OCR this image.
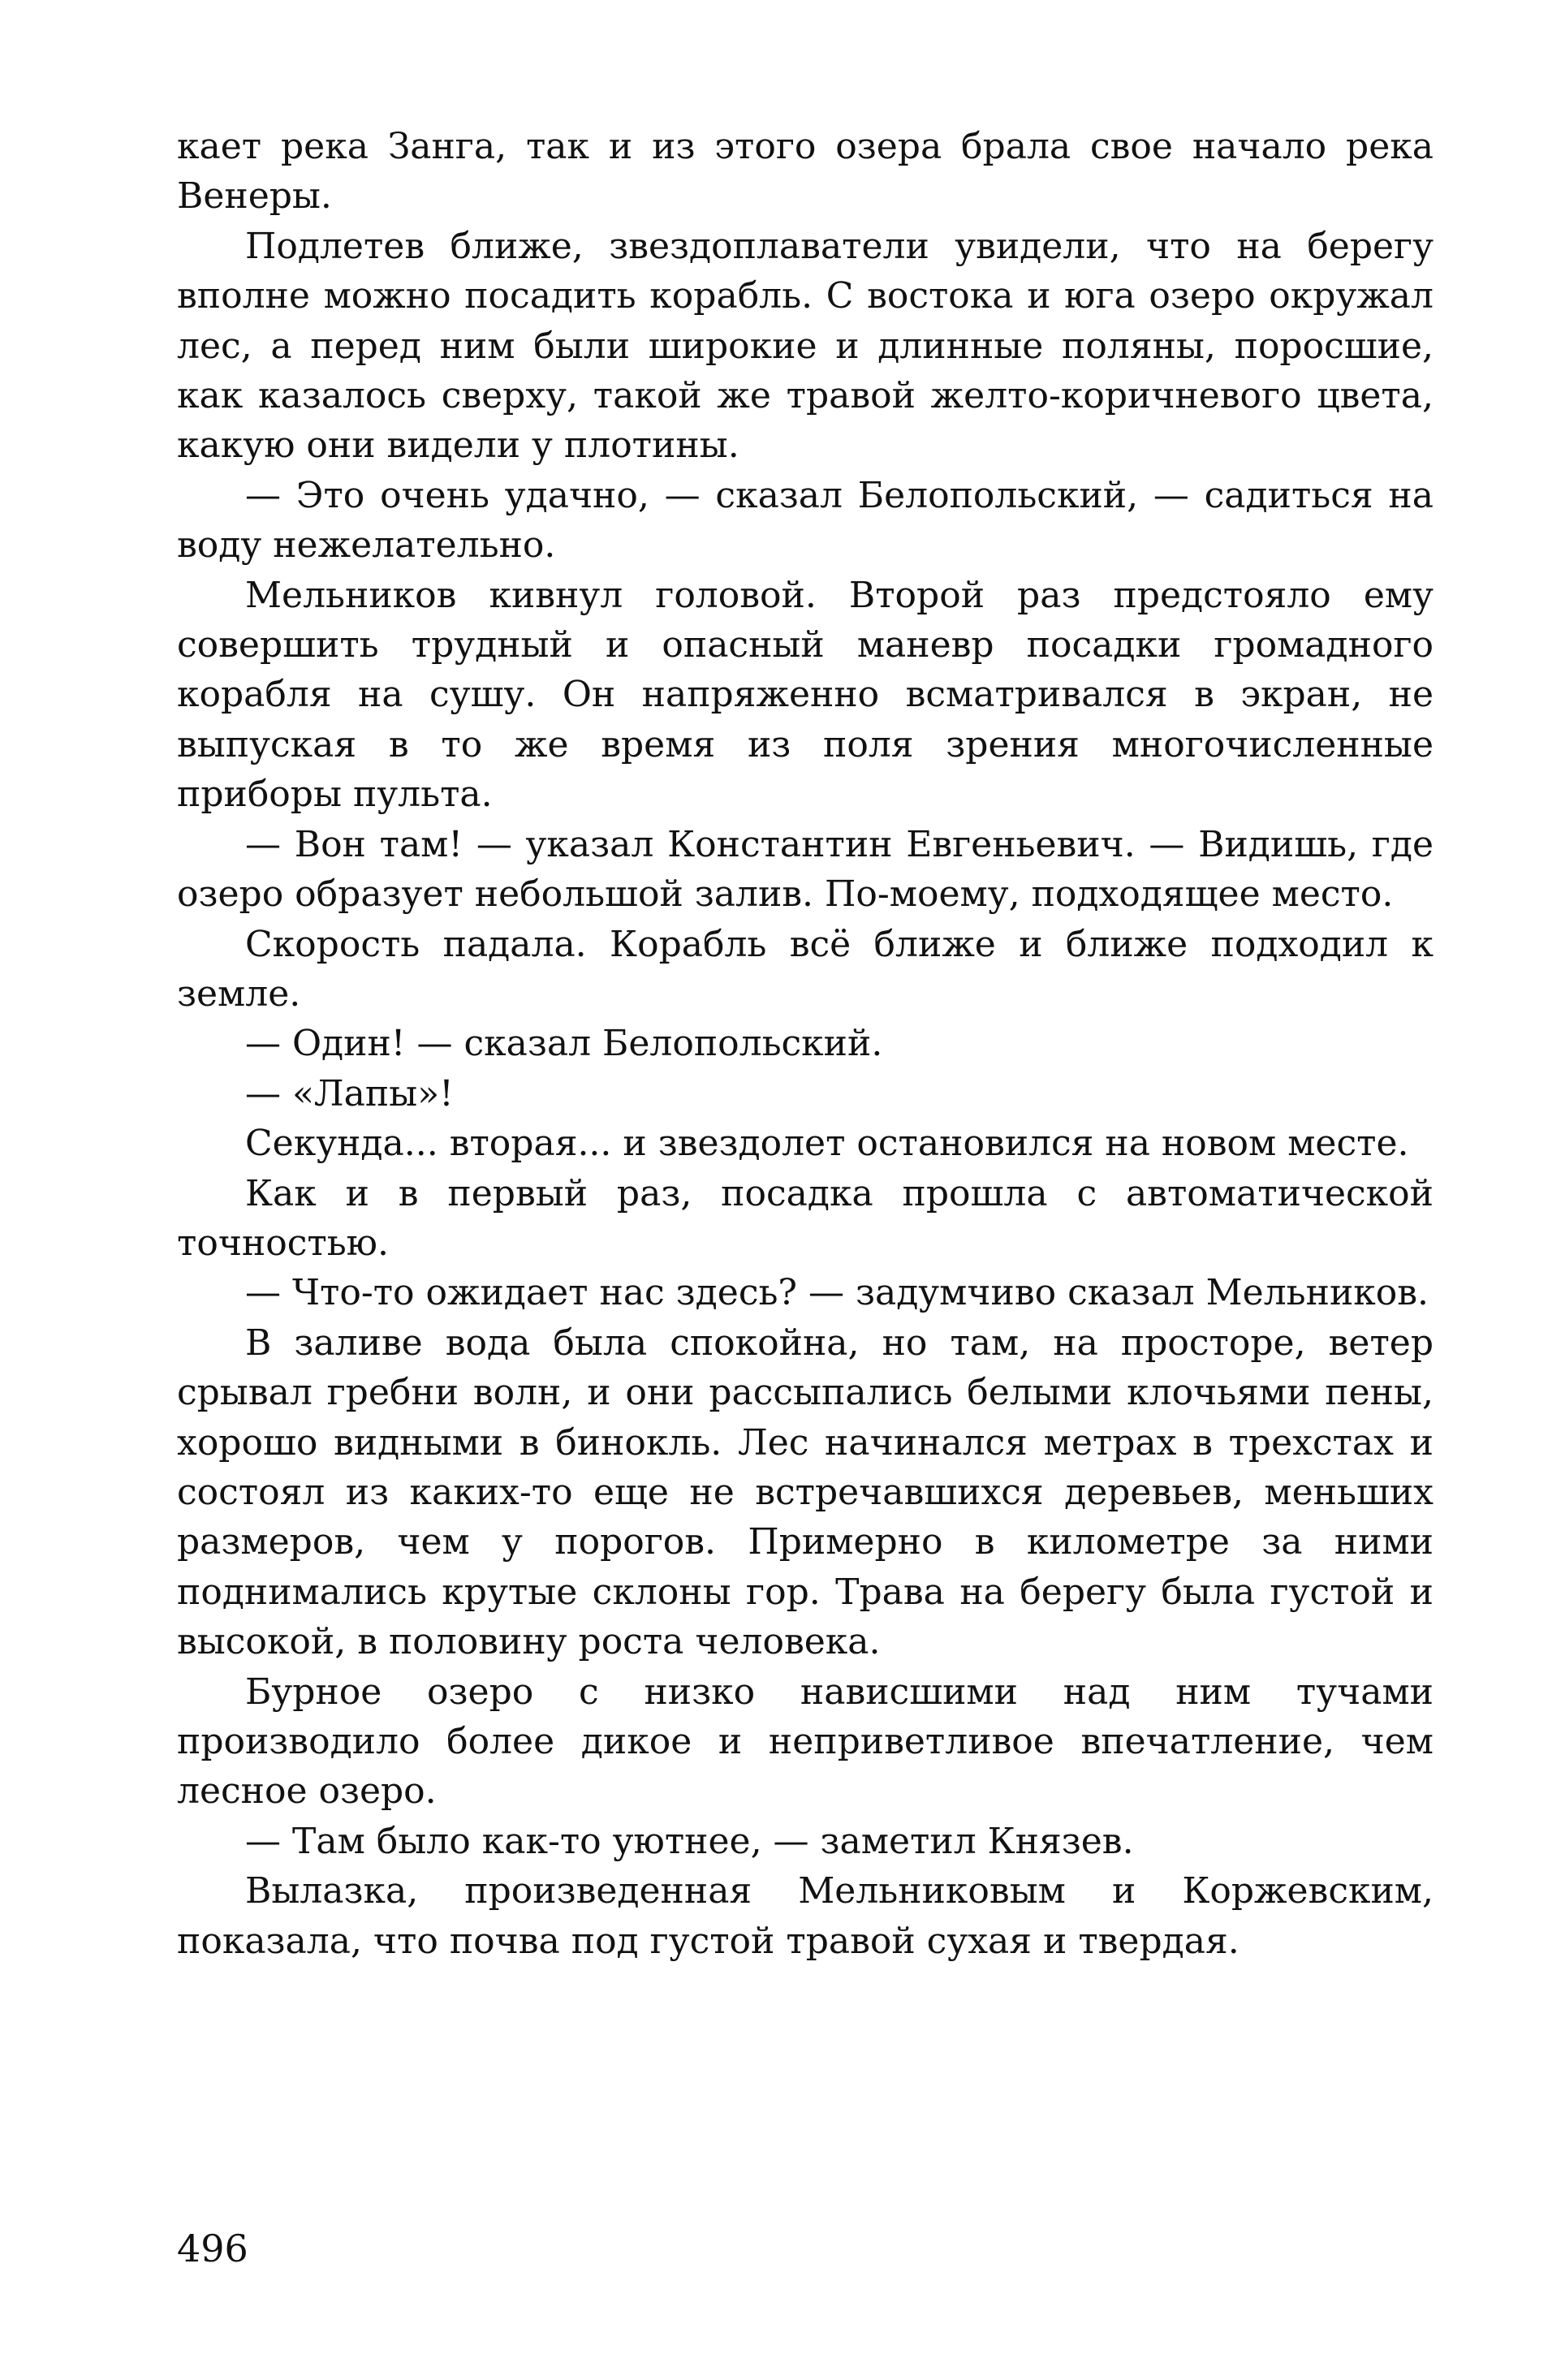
кает река Занга, так и из этого озера брала свое начало река Венеры.

Подлетев ближе, звездоплаватели увидели, что на берегу вполне можно посадить корабль. С востока и юга озеро окружал лес, а перед ним были широкие и длинные поляны, поросшие, как казалось сверху, такой же травой желто-коричневого цвета, какую они видели у плотины.

— Это очень удачно, — сказал Белопольский, — садиться на воду нежелательно.

Мельников кивнул головой. Второй раз предстояло ему совершить трудный и опасный маневр посадки громадного корабля на сушу. Он напряженно всматривался в экран, не выпуская в то же время из поля зрения многочисленные приборы пульта.

— Вон там! — указал Константин Евгеньевич. — Видишь, где озеро образует небольшой залив. По-моему, подходящее место.

Скорость падала. Корабль всё ближе и ближе подходил к земле.

— Один! — сказал Белопольский.

— «Лапы»!

Секунда... вторая... и звездолет остановился на новом месте.

Как и в первый раз, посадка прошла с автоматической точностью.

— Что-то ожидает нас здесь? — задумчиво сказал Мельников.

В заливе вода была спокойна, но там, на просторе, ветер срывал гребни волн, и они рассыпались белыми клочьями пены, хорошо видными в бинокль. Лес начинался метрах в трехстах и состоял из каких-то еще не встречавшихся деревьев, меньших размеров, чем у порогов. Примерно в километре за ними поднимались крутые склоны гор. Трава на берегу была густой и высокой, в половину роста человека.

Бурное озеро с низко нависшими над ним тучами производило более дикое и неприветливое впечатление, чем лесное озеро.

— Там было как-то уютнее, — заметил Князев.

Вылазка, произведенная Мельниковым и Коржевским, показала, что почва под густой травой сухая и твердая.

496
